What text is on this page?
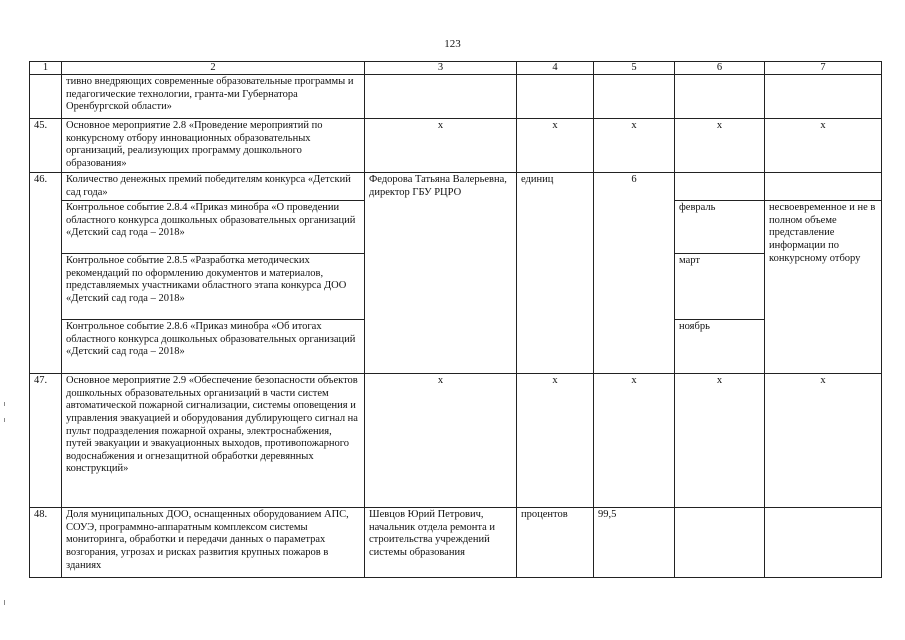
123
1	2	3	4	5	6	7
	тивно внедряющих современные образовательные программы и педагогические технологии, гранта-ми Губернатора Оренбургской области»					
45.	Основное мероприятие 2.8 «Проведение мероприятий по конкурсному отбору инновационных образовательных организаций, реализующих программу дошкольного образования»	х	х	х	х	х
46.	Количество денежных премий победителям конкурса «Детский сад года»	Федорова Татьяна Валерьевна, директор ГБУ РЦРО	единиц	6		
	Контрольное событие 2.8.4 «Приказ минобра «О проведении областного конкурса дошкольных образовательных организаций «Детский сад года – 2018»				февраль	несвоевременное и не в полном объеме представление информации по конкурсному отбору
	Контрольное событие 2.8.5 «Разработка методических рекомендаций по оформлению документов и материалов, представляемых участниками областного этапа конкурса ДОО «Детский сад года – 2018»				март	
	Контрольное событие 2.8.6 «Приказ минобра «Об итогах областного конкурса дошкольных образовательных организаций «Детский сад года – 2018»				ноябрь	
47.	Основное мероприятие 2.9 «Обеспечение безопасности объектов дошкольных образовательных организаций в части систем автоматической пожарной сигнализации, системы оповещения и управления эвакуацией и оборудования дублирующего сигнал на пульт подразделения пожарной охраны, электроснабжения, путей эвакуации и эвакуационных выходов, противопожарного водоснабжения и огнезащитной обработки деревянных конструкций»	х	х	х	х	х
48.	Доля муниципальных ДОО, оснащенных оборудованием АПС, СОУЭ, программно-аппаратным комплексом системы мониторинга, обработки и передачи данных о параметрах возгорания, угрозах и рисках развития крупных пожаров в зданиях	Шевцов Юрий Петрович, начальник отдела ремонта и строительства учреждений системы образования	процентов	99,5		
